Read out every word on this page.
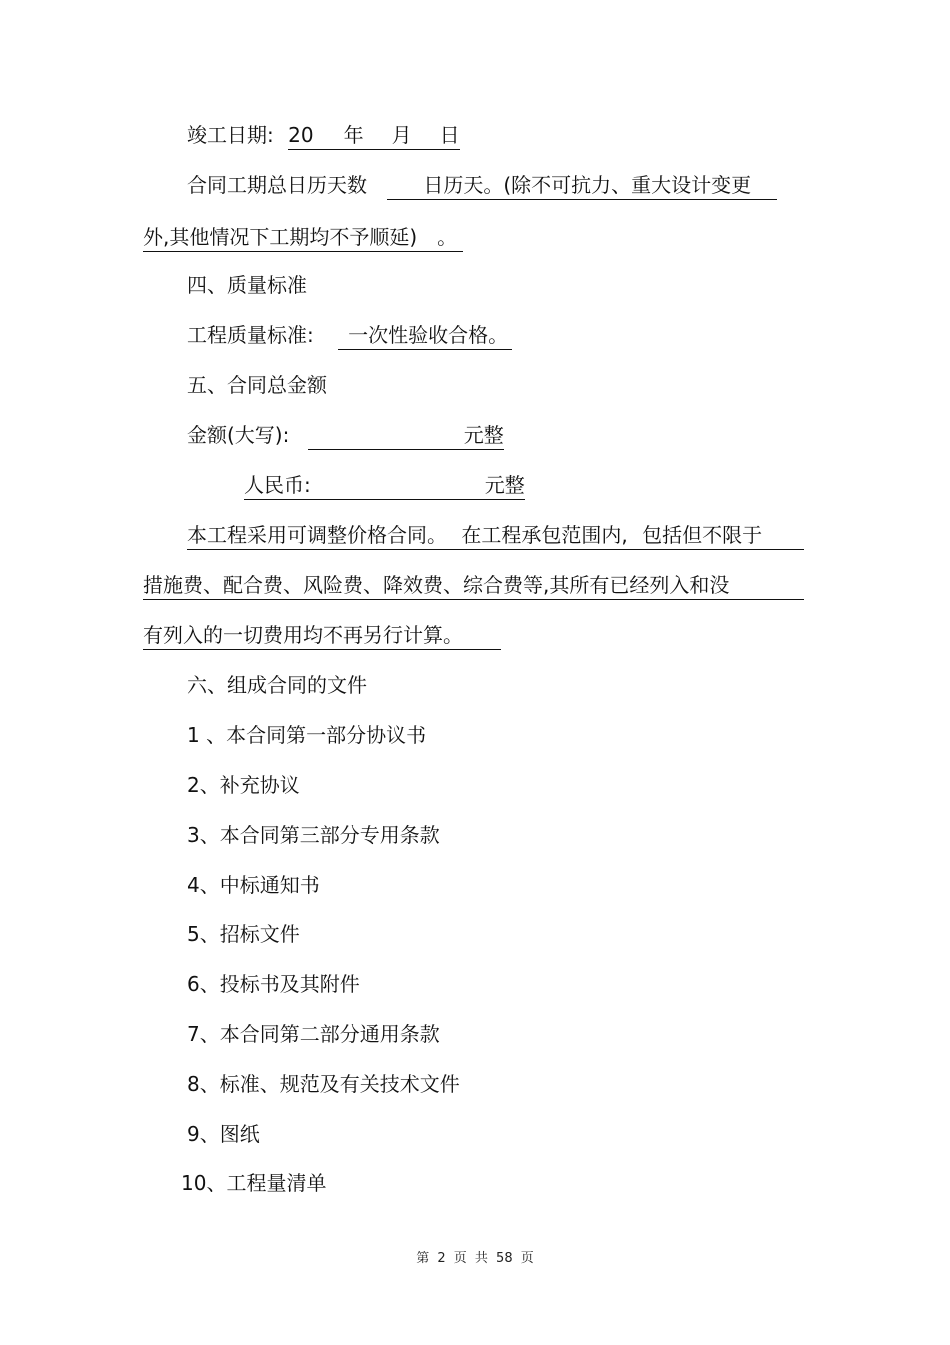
竣工日期: 20 年 月 日
合同工期总日历天数	日历天。(除不可抗力、重大设计变更
外,其他情况下工期均不予顺延) 。
四、质量标准
工程质量标准: 一次性验收合格。
五、合同总金额
金额(大写):	元整
人民币:	元整
本工程采用可调整价格合同。 在工程承包范围内, 包括但不限于
措施费、配合费、风险费、降效费、综合费等,其所有已经列入和没
有列入的一切费用均不再另行计算。
六、组成合同的文件
1 、本合同第一部分协议书
2、补充协议
3、本合同第三部分专用条款
4、中标通知书
5、招标文件
6、投标书及其附件
7、本合同第二部分通用条款
8、标准、规范及有关技术文件
9、图纸
10、工程量清单
第 2 页 共 58 页
